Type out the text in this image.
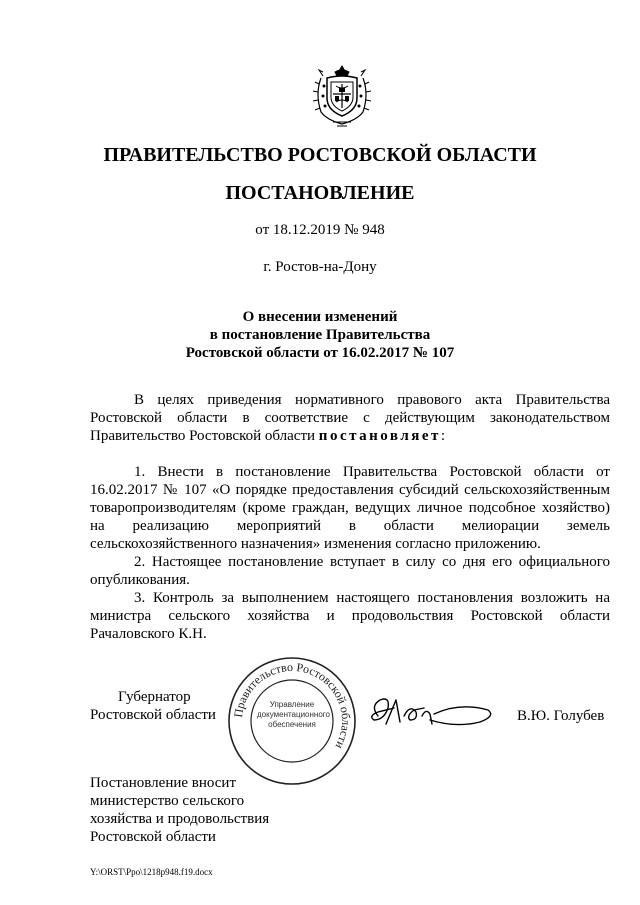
ПРАВИТЕЛЬСТВО РОСТОВСКОЙ ОБЛАСТИ
ПОСТАНОВЛЕНИЕ
от 18.12.2019 № 948
г. Ростов-на-Дону
О внесении изменений
в постановление Правительства
Ростовской области от 16.02.2017 № 107

В целях приведения нормативного правового акта Правительства Ростовской области в соответствие с действующим законодательством Правительство Ростовской области постановляет:

1. Внести в постановление Правительства Ростовской области от 16.02.2017 № 107 «О порядке предоставления субсидий сельскохозяйственным товаропроизводителям (кроме граждан, ведущих личное подсобное хозяйство) на реализацию мероприятий в области мелиорации земель сельскохозяйственного назначения» изменения согласно приложению.

2. Настоящее постановление вступает в силу со дня его официального опубликования.

3. Контроль за выполнением настоящего постановления возложить на министра сельского хозяйства и продовольствия Ростовской области Рачаловского К.Н.

Губернатор
Ростовской области Правительство Ростовской области
Управление
документационного
обеспечения
В.Ю. Голубев
Постановление вносит
министерство сельского
хозяйства и продовольствия
Ростовской области
Y:\ORST\Ppo\1218p948.f19.docx
